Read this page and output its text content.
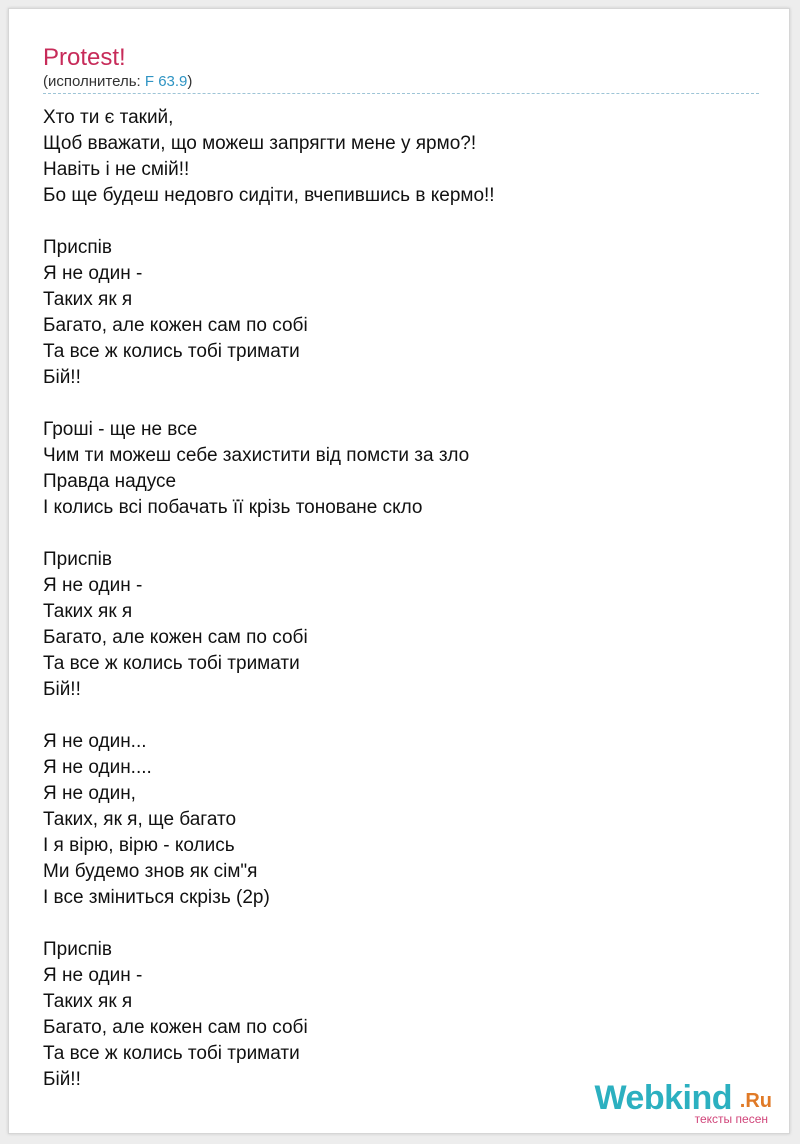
Protest!
(исполнитель: F 63.9)
Хто ти є такий,
Щоб вважати, що можеш запрягти мене у ярмо?!
Навіть і не смій!!
Бо ще будеш недовго сидіти, вчепившись в кермо!!
Приспів
Я не один -
Таких як я
Багато, але кожен сам по собі
Та все ж колись тобі тримати
Бій!!
Гроші - ще не все
Чим ти можеш себе захистити від помсти за зло
Правда надусе
І колись всі побачать її крізь тоноване скло
Приспів
Я не один -
Таких як я
Багато, але кожен сам по собі
Та все ж колись тобі тримати
Бій!!
Я не один...
Я не один....
Я не один,
Таких, як я, ще багато
І я вірю, вірю - колись
Ми будемо знов як сім"я
І все зміниться скрізь (2р)
Приспів
Я не один -
Таких як я
Багато, але кожен сам по собі
Та все ж колись тобі тримати
Бій!!	Webkind .Ru
тексты песен
